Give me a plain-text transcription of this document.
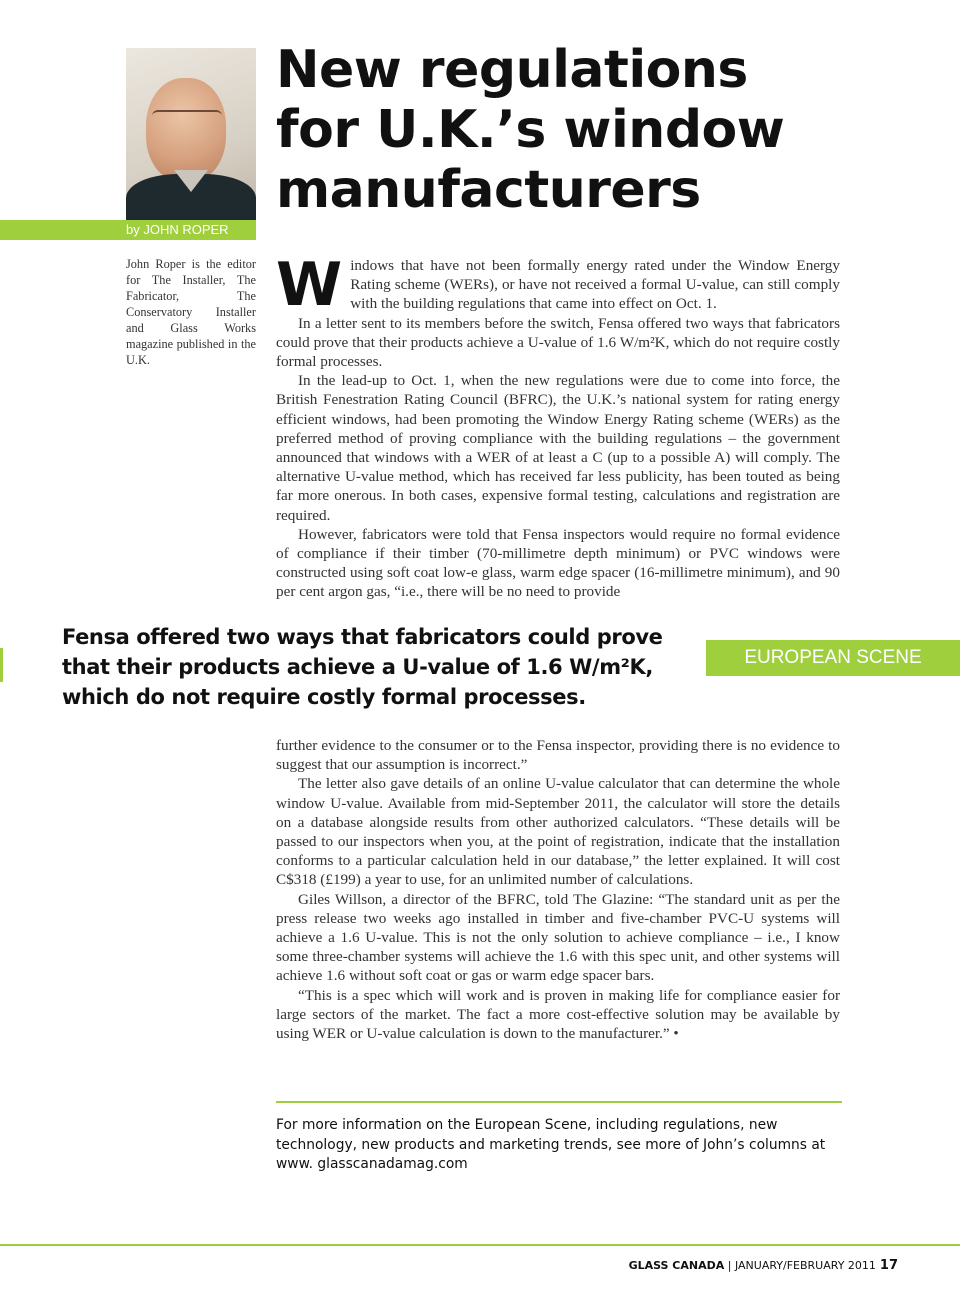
by JOHN ROPER
New regulations
for U.K.’s window
manufacturers
John Roper is the editor for The Installer, The Fabricator, The Conservatory Installer and Glass Works magazine published in the U.K.
W indows that have not been formally energy rated under the Window Energy Rating scheme (WERs), or have not received a formal U-value, can still comply with the building regulations that came into effect on Oct. 1.

In a letter sent to its members before the switch, Fensa offered two ways that fabricators could prove that their products achieve a U-value of 1.6 W/m²K, which do not require costly formal processes.

In the lead-up to Oct. 1, when the new regulations were due to come into force, the British Fenestration Rating Council (BFRC), the U.K.’s national system for rating energy efficient windows, had been promoting the Window Energy Rating scheme (WERs) as the preferred method of proving compliance with the building regulations – the government announced that windows with a WER of at least a C (up to a possible A) will comply. The alternative U-value method, which has received far less publicity, has been touted as being far more onerous. In both cases, expensive formal testing, calculations and registration are required.

However, fabricators were told that Fensa inspectors would require no formal evidence of compliance if their timber (70-millimetre depth minimum) or PVC windows were constructed using soft coat low-e glass, warm edge spacer (16-millimetre minimum), and 90 per cent argon gas, “i.e., there will be no need to provide

Fensa offered two ways that fabricators could prove that their products achieve a U-value of 1.6 W/m²K, which do not require costly formal processes.
EUROPEAN SCENE

further evidence to the consumer or to the Fensa inspector, providing there is no evidence to suggest that our assumption is incorrect.”

The letter also gave details of an online U-value calculator that can determine the whole window U-value. Available from mid-September 2011, the calculator will store the details on a database alongside results from other authorized calculators. “These details will be passed to our inspectors when you, at the point of registration, indicate that the installation conforms to a particular calculation held in our database,” the letter explained. It will cost C$318 (£199) a year to use, for an unlimited number of calculations.

Giles Willson, a director of the BFRC, told The Glazine: “The standard unit as per the press release two weeks ago installed in timber and five-chamber PVC-U systems will achieve a 1.6 U-value. This is not the only solution to achieve compliance – i.e., I know some three-chamber systems will achieve the 1.6 with this spec unit, and other systems will achieve 1.6 without soft coat or gas or warm edge spacer bars.

“This is a spec which will work and is proven in making life for compliance easier for large sectors of the market. The fact a more cost-effective solution may be available by using WER or U-value calculation is down to the manufacturer.” •

For more information on the European Scene, including regulations, new technology, new products and marketing trends, see more of John’s columns at www. glasscanadamag.com
GLASS CANADA | JANUARY/FEBRUARY 2011 17
